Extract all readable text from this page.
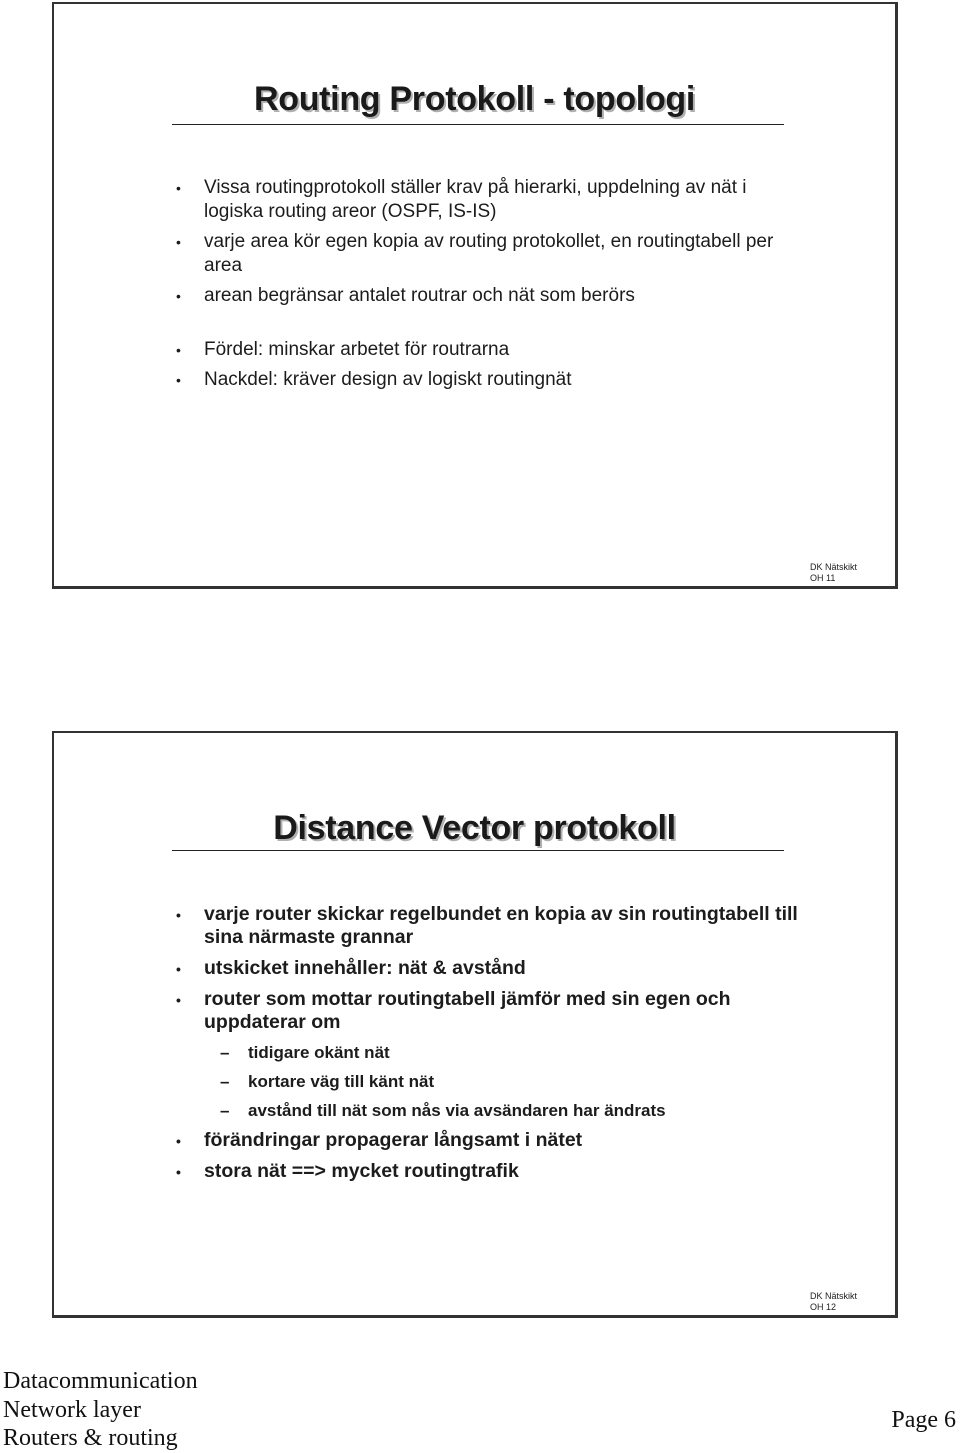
Routing Protokoll - topologi
• Vissa routingprotokoll ställer krav på hierarki, uppdelning av nät i logiska routing areor (OSPF, IS-IS)
• varje area kör egen kopia av routing protokollet, en routingtabell per area
• arean begränsar antalet routrar och nät som berörs
• Fördel: minskar arbetet för routrarna
• Nackdel: kräver design av logiskt routingnät
DK Nätskikt
OH 11
Distance Vector protokoll
• varje router skickar regelbundet en kopia av sin routingtabell till sina närmaste grannar
• utskicket innehåller: nät & avstånd
• router som mottar routingtabell jämför med sin egen och uppdaterar om
– tidigare okänt nät
– kortare väg till känt nät
– avstånd till nät som nås via avsändaren har ändrats
• förändringar propagerar långsamt i nätet
• stora nät ==> mycket routingtrafik
DK Nätskikt
OH 12
Datacommunication
Network layer
Routers & routing
Page 6
